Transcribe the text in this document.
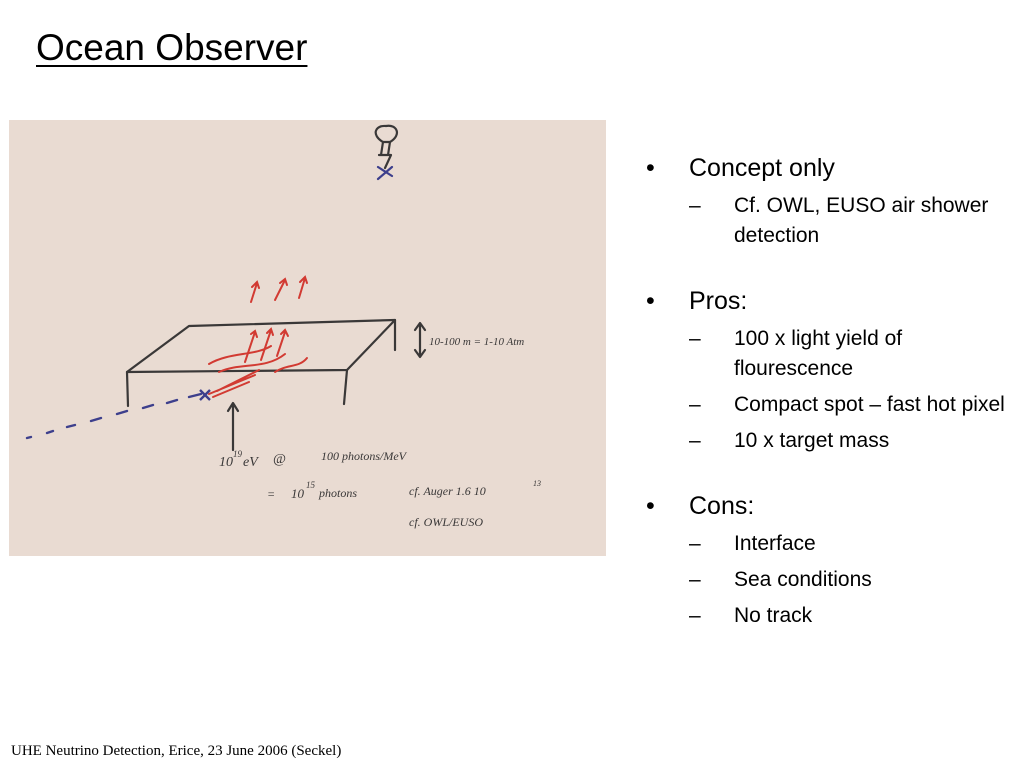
Ocean Observer
10-100 m = 1-10 Atm
10
19
eV @	100 photons/MeV
= 10
15
photons	cf. Auger 1.6 10
13
cf. OWL/EUSO
•	Concept only
–	Cf. OWL, EUSO air shower detection
•	Pros:
–	100 x light yield of flourescence
–	Compact spot – fast hot pixel
–	10 x target mass
•	Cons:
–	Interface
–	Sea conditions
–	No track
UHE Neutrino Detection, Erice, 23 June 2006 (Seckel)
